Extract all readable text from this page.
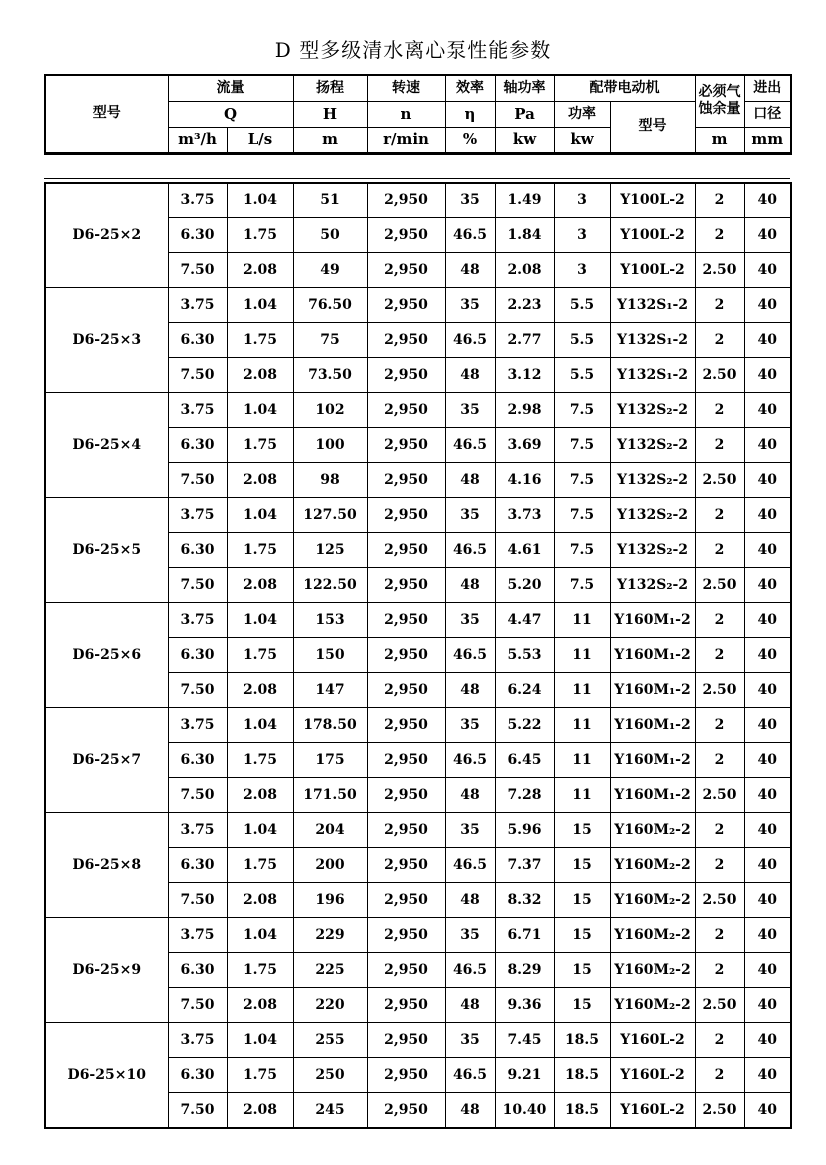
D 型多级清水离心泵性能参数
型号	流量		扬程	转速	效率	轴功率	配带电动机		必须气蚀余量	进出
	Q		H	n	η	Pa	功率	型号		口径
	m³/h	L/s	m	r/min	%	kw	kw		m	mm
D6-25×2	3.75	1.04	51	2,950	35	1.49	3	Y100L-2	2	40
	6.30	1.75	50	2,950	46.5	1.84	3	Y100L-2	2	40
	7.50	2.08	49	2,950	48	2.08	3	Y100L-2	2.50	40
D6-25×3	3.75	1.04	76.50	2,950	35	2.23	5.5	Y132S₁-2	2	40
	6.30	1.75	75	2,950	46.5	2.77	5.5	Y132S₁-2	2	40
	7.50	2.08	73.50	2,950	48	3.12	5.5	Y132S₁-2	2.50	40
D6-25×4	3.75	1.04	102	2,950	35	2.98	7.5	Y132S₂-2	2	40
	6.30	1.75	100	2,950	46.5	3.69	7.5	Y132S₂-2	2	40
	7.50	2.08	98	2,950	48	4.16	7.5	Y132S₂-2	2.50	40
D6-25×5	3.75	1.04	127.50	2,950	35	3.73	7.5	Y132S₂-2	2	40
	6.30	1.75	125	2,950	46.5	4.61	7.5	Y132S₂-2	2	40
	7.50	2.08	122.50	2,950	48	5.20	7.5	Y132S₂-2	2.50	40
D6-25×6	3.75	1.04	153	2,950	35	4.47	11	Y160M₁-2	2	40
	6.30	1.75	150	2,950	46.5	5.53	11	Y160M₁-2	2	40
	7.50	2.08	147	2,950	48	6.24	11	Y160M₁-2	2.50	40
D6-25×7	3.75	1.04	178.50	2,950	35	5.22	11	Y160M₁-2	2	40
	6.30	1.75	175	2,950	46.5	6.45	11	Y160M₁-2	2	40
	7.50	2.08	171.50	2,950	48	7.28	11	Y160M₁-2	2.50	40
D6-25×8	3.75	1.04	204	2,950	35	5.96	15	Y160M₂-2	2	40
	6.30	1.75	200	2,950	46.5	7.37	15	Y160M₂-2	2	40
	7.50	2.08	196	2,950	48	8.32	15	Y160M₂-2	2.50	40
D6-25×9	3.75	1.04	229	2,950	35	6.71	15	Y160M₂-2	2	40
	6.30	1.75	225	2,950	46.5	8.29	15	Y160M₂-2	2	40
	7.50	2.08	220	2,950	48	9.36	15	Y160M₂-2	2.50	40
D6-25×10	3.75	1.04	255	2,950	35	7.45	18.5	Y160L-2	2	40
	6.30	1.75	250	2,950	46.5	9.21	18.5	Y160L-2	2	40
	7.50	2.08	245	2,950	48	10.40	18.5	Y160L-2	2.50	40
